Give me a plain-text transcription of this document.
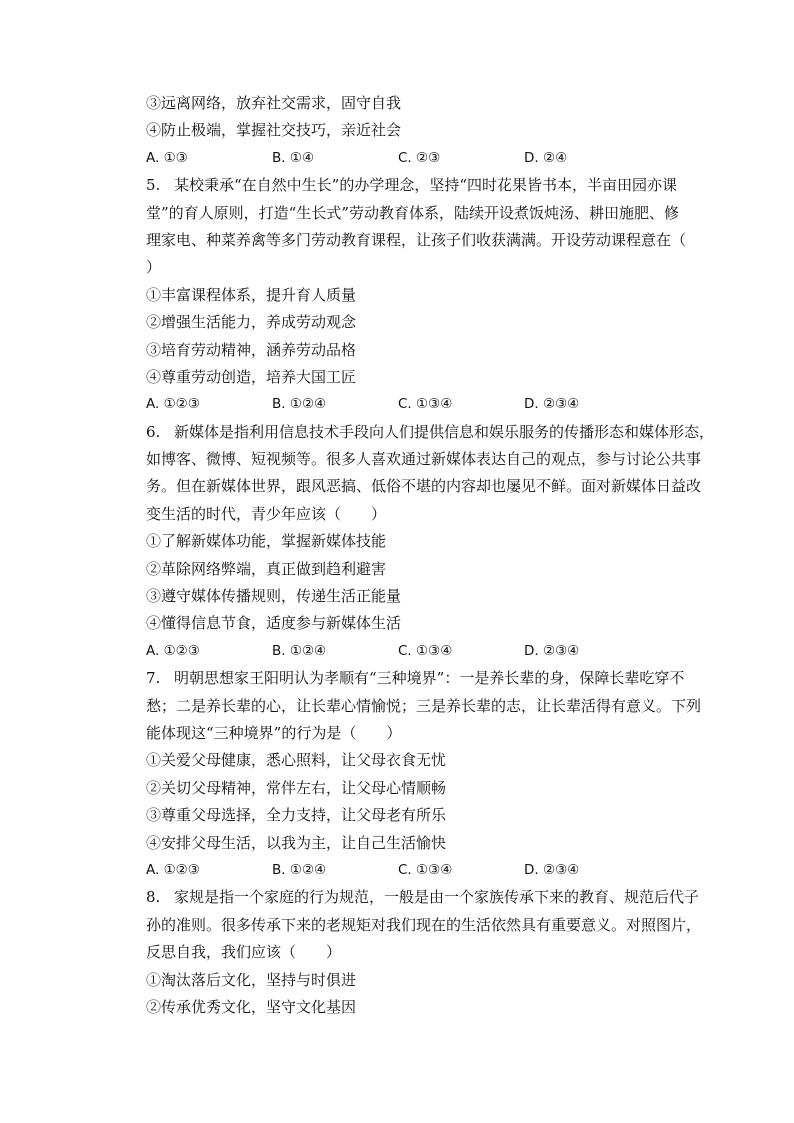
③远离网络，放弃社交需求，固守自我
④防止极端，掌握社交技巧，亲近社会
A. ①③	B. ①④	C. ②③	D. ②④
5. 某校秉承“在自然中生长”的办学理念，坚持“四时花果皆书本，半亩田园亦课
堂”的育人原则，打造“生长式”劳动教育体系，陆续开设煮饭炖汤、耕田施肥、修
理家电、种菜养禽等多门劳动教育课程，让孩子们收获满满。开设劳动课程意在（
）
①丰富课程体系，提升育人质量
②增强生活能力，养成劳动观念
③培育劳动精神，涵养劳动品格
④尊重劳动创造，培养大国工匠
A. ①②③	B. ①②④	C. ①③④	D. ②③④
6. 新媒体是指利用信息技术手段向人们提供信息和娱乐服务的传播形态和媒体形态，
如博客、微博、短视频等。很多人喜欢通过新媒体表达自己的观点，参与讨论公共事
务。但在新媒体世界，跟风恶搞、低俗不堪的内容却也屡见不鲜。面对新媒体日益改
变生活的时代，青少年应该（　　）
①了解新媒体功能，掌握新媒体技能
②革除网络弊端，真正做到趋利避害
③遵守媒体传播规则，传递生活正能量
④懂得信息节食，适度参与新媒体生活
A. ①②③	B. ①②④	C. ①③④	D. ②③④
7. 明朝思想家王阳明认为孝顺有“三种境界”：一是养长辈的身，保障长辈吃穿不
愁；二是养长辈的心，让长辈心情愉悦；三是养长辈的志，让长辈活得有意义。下列
能体现这“三种境界”的行为是（　　）
①关爱父母健康，悉心照料，让父母衣食无忧
②关切父母精神，常伴左右，让父母心情顺畅
③尊重父母选择，全力支持，让父母老有所乐
④安排父母生活，以我为主，让自己生活愉快
A. ①②③	B. ①②④	C. ①③④	D. ②③④
8. 家规是指一个家庭的行为规范，一般是由一个家族传承下来的教育、规范后代子
孙的准则。很多传承下来的老规矩对我们现在的生活依然具有重要意义。对照图片，
反思自我，我们应该（　　）
①淘汰落后文化，坚持与时俱进
②传承优秀文化，坚守文化基因
